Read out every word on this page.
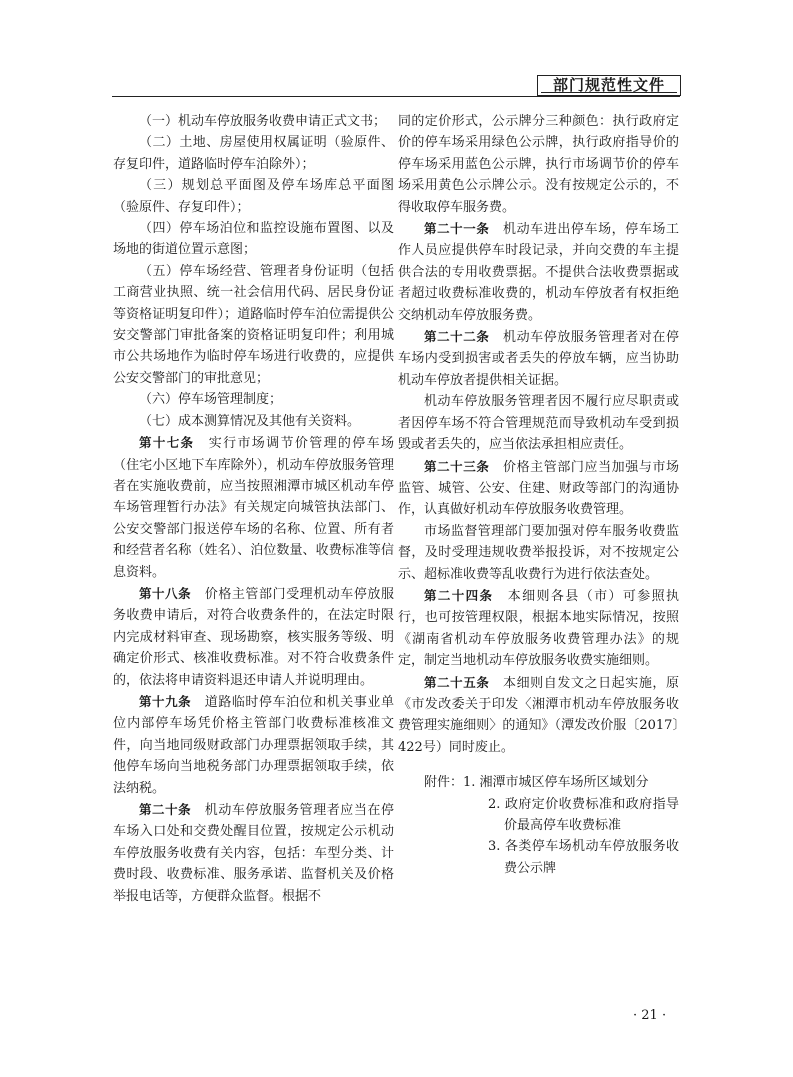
部门规范性文件

（一）机动车停放服务收费申请正式文书；

（二）土地、房屋使用权属证明（验原件、存复印件，道路临时停车泊除外）；

（三）规划总平面图及停车场库总平面图（验原件、存复印件）；

（四）停车场泊位和监控设施布置图、以及场地的街道位置示意图；

（五）停车场经营、管理者身份证明（包括工商营业执照、统一社会信用代码、居民身份证等资格证明复印件）；道路临时停车泊位需提供公安交警部门审批备案的资格证明复印件；利用城市公共场地作为临时停车场进行收费的，应提供公安交警部门的审批意见；

（六）停车场管理制度；

（七）成本测算情况及其他有关资料。

第十七条　实行市场调节价管理的停车场（住宅小区地下车库除外），机动车停放服务管理者在实施收费前，应当按照湘潭市城区机动车停车场管理暂行办法》有关规定向城管执法部门、公安交警部门报送停车场的名称、位置、所有者和经营者名称（姓名）、泊位数量、收费标准等信息资料。

第十八条　价格主管部门受理机动车停放服务收费申请后，对符合收费条件的，在法定时限内完成材料审查、现场勘察，核实服务等级、明确定价形式、核准收费标准。对不符合收费条件的，依法将申请资料退还申请人并说明理由。

第十九条　道路临时停车泊位和机关事业单位内部停车场凭价格主管部门收费标准核准文件，向当地同级财政部门办理票据领取手续，其他停车场向当地税务部门办理票据领取手续，依法纳税。

第二十条　机动车停放服务管理者应当在停车场入口处和交费处醒目位置，按规定公示机动车停放服务收费有关内容，包括：车型分类、计费时段、收费标准、服务承诺、监督机关及价格举报电话等，方便群众监督。根据不

同的定价形式，公示牌分三种颜色：执行政府定价的停车场采用绿色公示牌，执行政府指导价的停车场采用蓝色公示牌，执行市场调节价的停车场采用黄色公示牌公示。没有按规定公示的，不得收取停车服务费。

第二十一条　机动车进出停车场，停车场工作人员应提供停车时段记录，并向交费的车主提供合法的专用收费票据。不提供合法收费票据或者超过收费标准收费的，机动车停放者有权拒绝交纳机动车停放服务费。

第二十二条　机动车停放服务管理者对在停车场内受到损害或者丢失的停放车辆，应当协助机动车停放者提供相关证据。

机动车停放服务管理者因不履行应尽职责或者因停车场不符合管理规范而导致机动车受到损毁或者丢失的，应当依法承担相应责任。

第二十三条　价格主管部门应当加强与市场监管、城管、公安、住建、财政等部门的沟通协作，认真做好机动车停放服务收费管理。

市场监督管理部门要加强对停车服务收费监督，及时受理违规收费举报投诉，对不按规定公示、超标准收费等乱收费行为进行依法查处。

第二十四条　本细则各县（市）可参照执行，也可按管理权限，根据本地实际情况，按照《湖南省机动车停放服务收费管理办法》的规定，制定当地机动车停放服务收费实施细则。

第二十五条　本细则自发文之日起实施，原《市发改委关于印发〈湘潭市机动车停放服务收费管理实施细则〉的通知》（潭发改价服〔2017〕422号）同时废止。

附件：1. 湘潭市城区停车场所区域划分

2. 政府定价收费标准和政府指导价最高停车收费标准

3. 各类停车场机动车停放服务收费公示牌

· 21 ·
